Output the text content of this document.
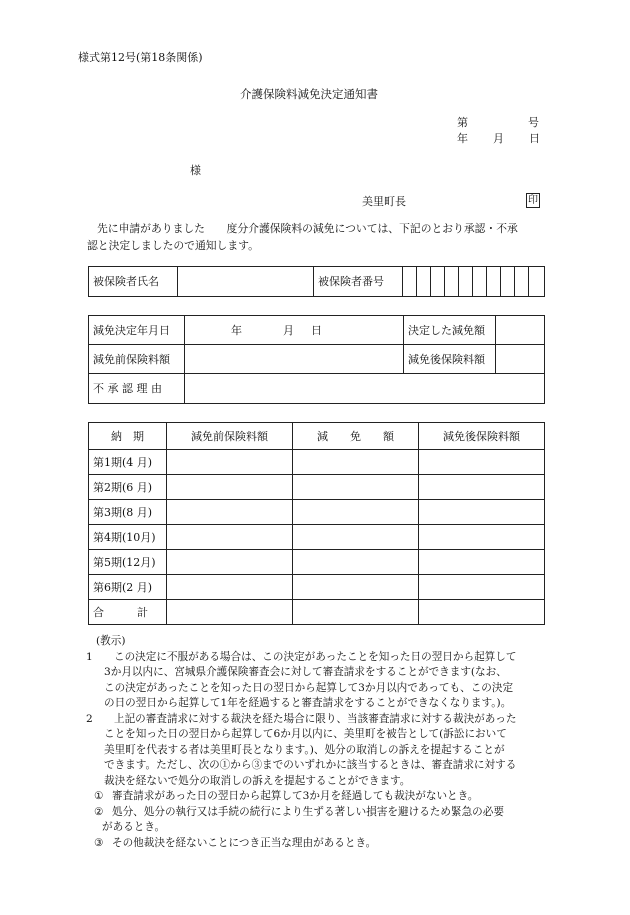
様式第12号(第18条関係)
介護保険料減免決定通知書
第	号
年 月 日
様
美里町長	印
先に申請がありました　　度分介護保険料の減免については、下記のとおり承認・不承
認と決定しましたので通知します。
被保険者氏名		被保険者番号										
減免決定年月日	年 月 日	決定した減免額	
減免前保険料額		減免後保険料額	
不 承 認 理 由			
納　期	減免前保険料額	減　　免　　額	減免後保険料額
第1期(4 月)			
第2期(6 月)			
第3期(8 月)			
第4期(10月)			
第5期(12月)			
第6期(2 月)			
合　　　計			
(教示)
1	この決定に不服がある場合は、この決定があったことを知った日の翌日から起算して
3か月以内に、宮城県介護保険審査会に対して審査請求をすることができます(なお、
この決定があったことを知った日の翌日から起算して3か月以内であっても、この決定
の日の翌日から起算して1年を経過すると審査請求をすることができなくなります。)。
2	上記の審査請求に対する裁決を経た場合に限り、当該審査請求に対する裁決があった
ことを知った日の翌日から起算して6か月以内に、美里町を被告として(訴訟において
美里町を代表する者は美里町長となります。)、処分の取消しの訴えを提起することが
できます。ただし、次の①から③までのいずれかに該当するときは、審査請求に対する
裁決を経ないで処分の取消しの訴えを提起することができます。
① 審査請求があった日の翌日から起算して3か月を経過しても裁決がないとき。
② 処分、処分の執行又は手続の続行により生ずる著しい損害を避けるため緊急の必要
があるとき。
③ その他裁決を経ないことにつき正当な理由があるとき。
